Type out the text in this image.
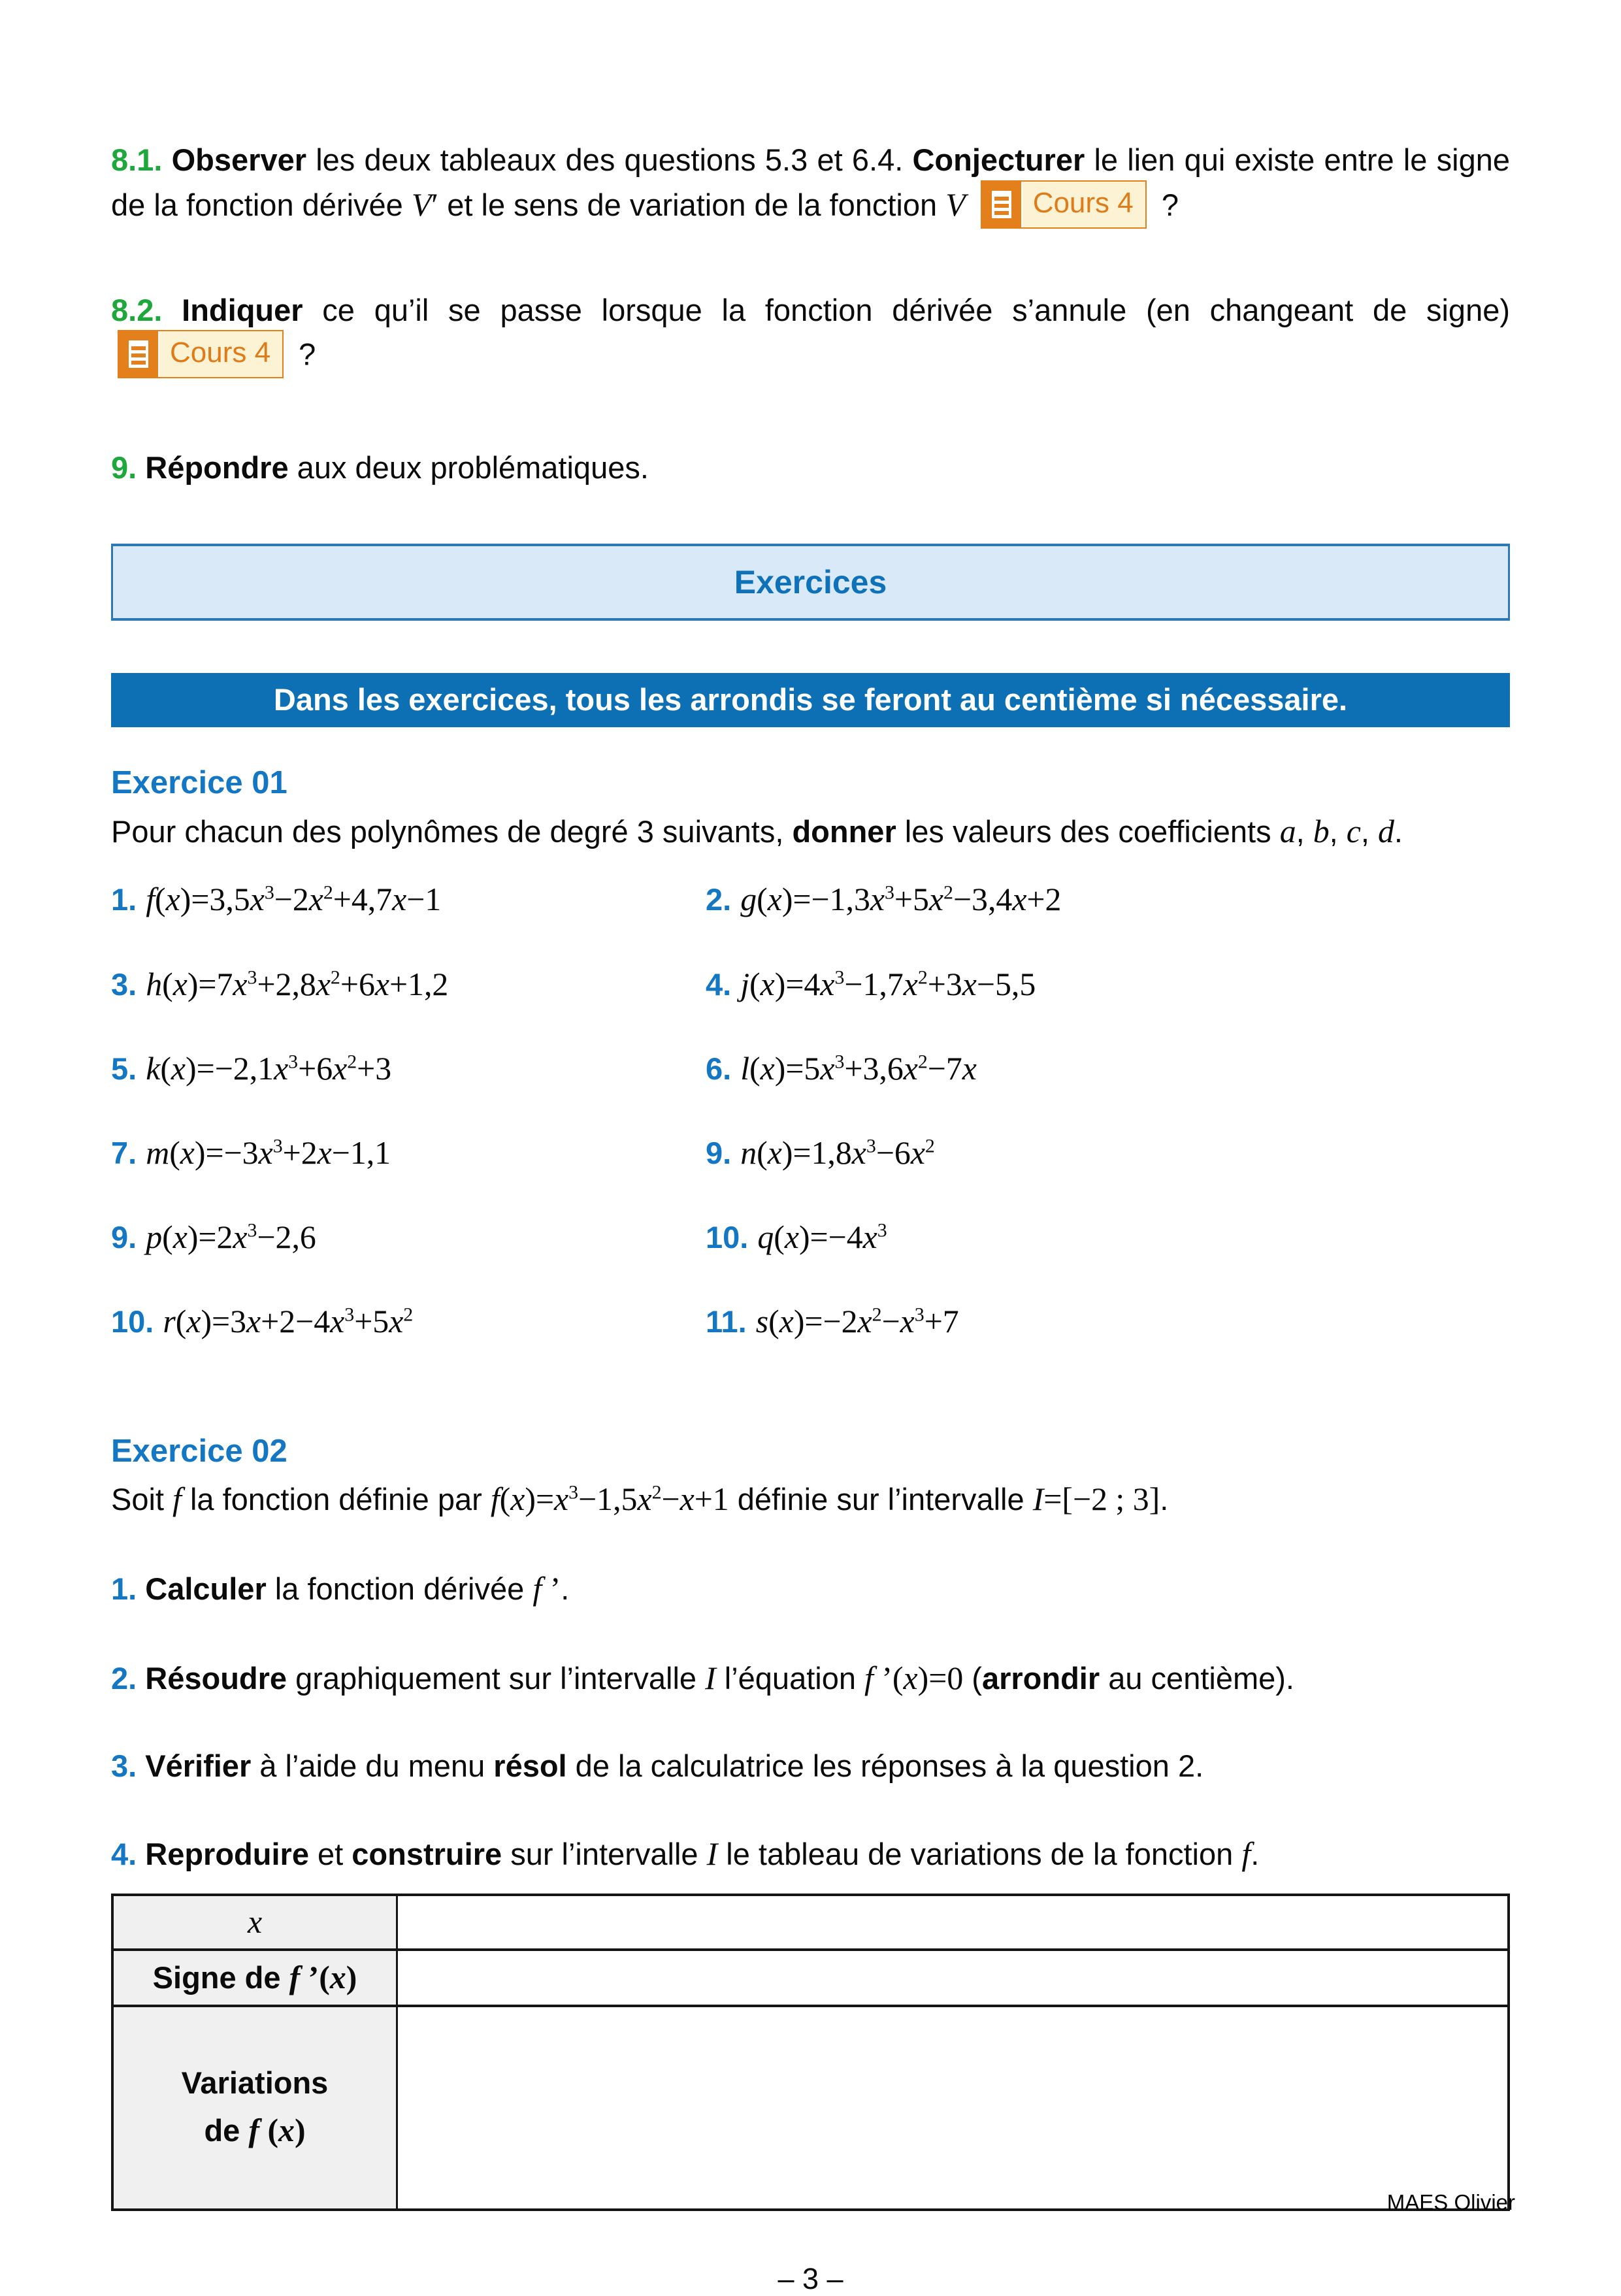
8.1. Observer les deux tableaux des questions 5.3 et 6.4. Conjecturer le lien qui existe entre le signe de la fonction dérivée V′ et le sens de variation de la fonction V	Cours 4 ?

8.2. Indiquer ce qu’il se passe lorsque la fonction dérivée s’annule (en changeant de signe)
Cours 4 ?

9. Répondre aux deux problématiques.

Exercices
Dans les exercices, tous les arrondis se feront au centième si nécessaire.

Exercice 01

Pour chacun des polynômes de degré 3 suivants, donner les valeurs des coefficients a, b, c, d.

1. $f(x)=3,5x^3-2x^2+4,7x-1$	2. $g(x)=-1,3x^3+5x^2-3,4x+2$
3. $h(x)=7x^3+2,8x^2+6x+1,2$	4. $j(x)=4x^3-1,7x^2+3x-5,5$
5. $k(x)=-2,1x^3+6x^2+3$	6. $l(x)=5x^3+3,6x^2-7x$
7. $m(x)=-3x^3+2x-1,1$	9. $n(x)=1,8x^3-6x^2$
9. $p(x)=2x^3-2,6$	10. $q(x)=-4x^3$
10. $r(x)=3x+2-4x^3+5x^2$	11. $s(x)=-2x^2-x^3+7$

Exercice 02

Soit f la fonction définie par $f(x)=x^3-1,5x^2-x+1$ définie sur l’intervalle I=[−2 ; 3].

1. Calculer la fonction dérivée f ’.

2. Résoudre graphiquement sur l’intervalle I l’équation f ’(x)=0 (arrondir au centième).

3. Vérifier à l’aide du menu résol de la calculatrice les réponses à la question 2.

4. Reproduire et construire sur l’intervalle I le tableau de variations de la fonction f.

x	
Signe de f ’(x)	
Variations
de f (x)	
– 3 –
MAES Olivier
